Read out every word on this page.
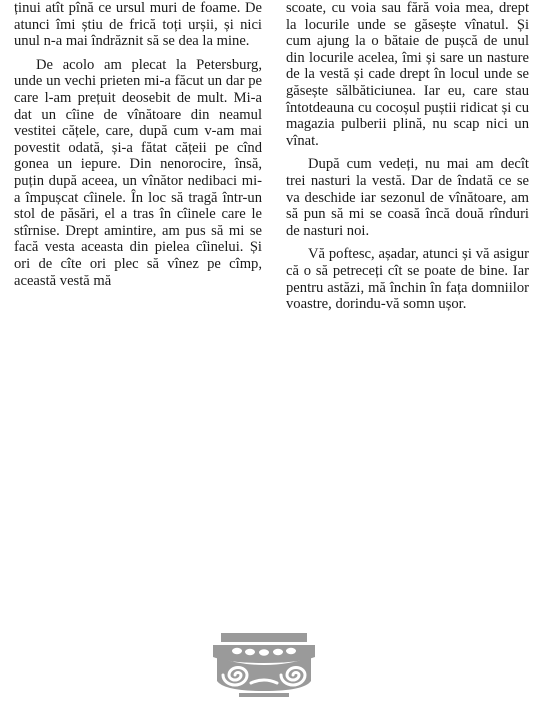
ținui atît pînă ce ursul muri de foame. De atunci îmi știu de frică toți urșii, și nici unul n-a mai îndrăznit să se dea la mine.

De acolo am plecat la Petersburg, unde un vechi prieten mi-a făcut un dar pe care l-am prețuit deosebit de mult. Mi-a dat un cîine de vînătoare din neamul vestitei cățele, care, după cum v-am mai povestit odată, și-a fătat cățeii pe cînd gonea un iepure. Din nenorocire, însă, puțin după aceea, un vînător nedibaci mi-a împușcat cîinele. În loc să tragă într-un stol de păsări, el a tras în cîinele care le stîrnise. Drept amintire, am pus să mi se facă vesta aceasta din pielea cîinelui. Și ori de cîte ori plec să vînez pe cîmp, această vestă mă

scoate, cu voia sau fără voia mea, drept la locurile unde se găsește vînatul. Și cum ajung la o bătaie de pușcă de unul din locurile acelea, îmi și sare un nasture de la vestă și cade drept în locul unde se găsește sălbăticiunea. Iar eu, care stau întotdeauna cu cocoșul puștii ridicat și cu magazia pulberii plină, nu scap nici un vînat.

După cum vedeți, nu mai am decît trei nasturi la vestă. Dar de îndată ce se va deschide iar sezonul de vînătoare, am să pun să mi se coasă încă două rînduri de nasturi noi.

Vă poftesc, așadar, atunci și vă asigur că o să petreceți cît se poate de bine. Iar pentru astăzi, mă închin în fața domniilor voastre, dorindu-vă somn ușor.
